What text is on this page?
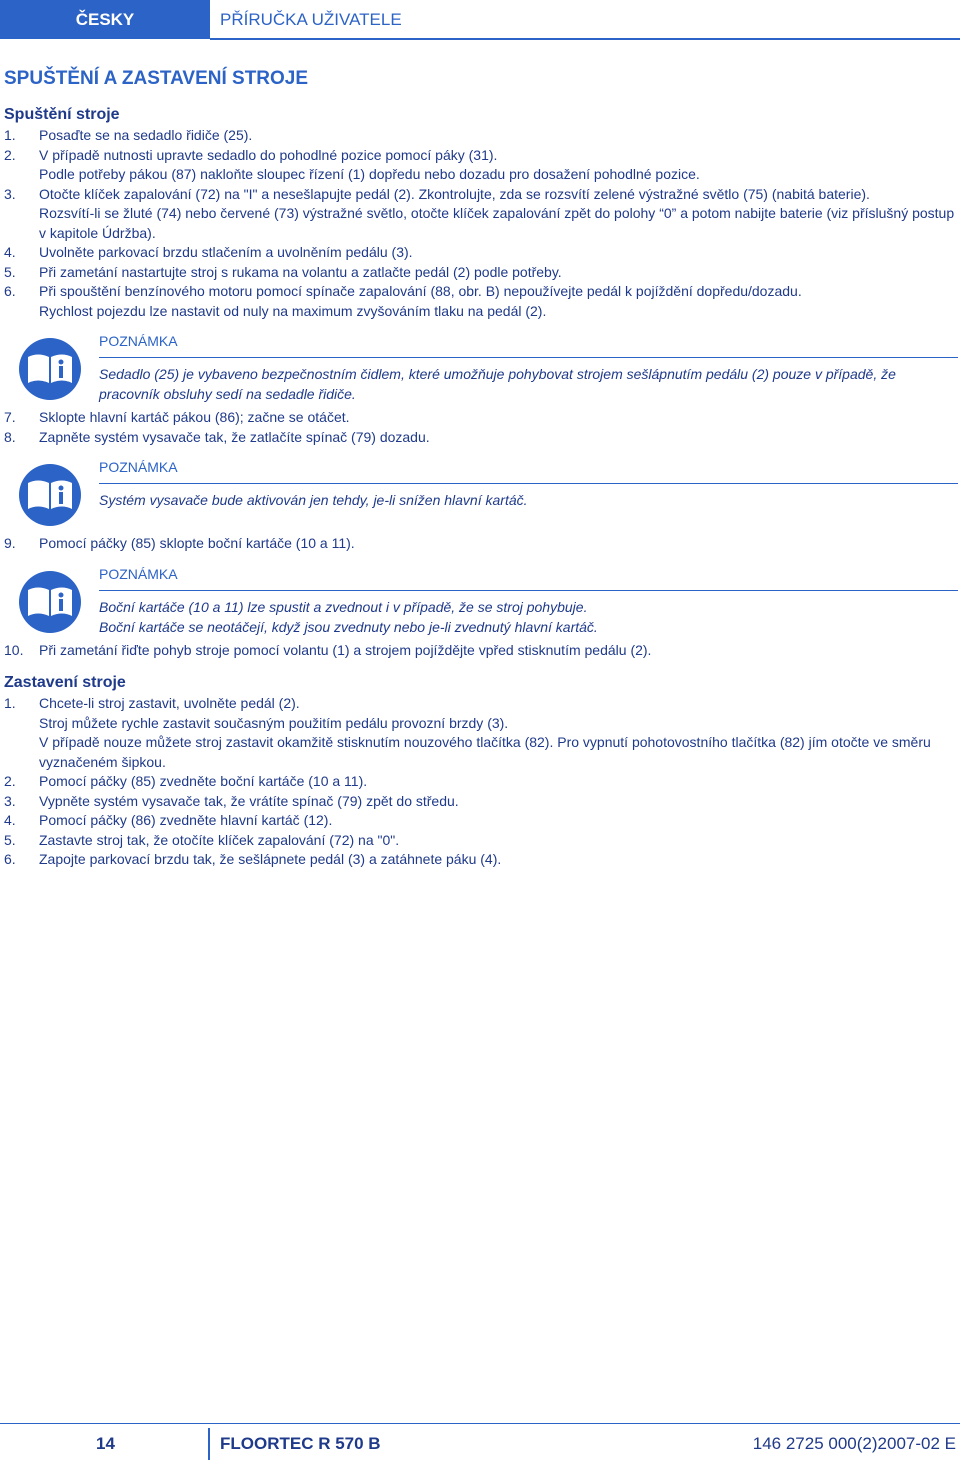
ČESKY	PŘÍRUČKA UŽIVATELE
SPUŠTĚNÍ A ZASTAVENÍ STROJE
Spuštění stroje
1.	Posaďte se na sedadlo řidiče (25).
2.	V případě nutnosti upravte sedadlo do pohodlné pozice pomocí páky (31).
Podle potřeby pákou (87) nakloňte sloupec řízení (1) dopředu nebo dozadu pro dosažení pohodlné pozice.
3.	Otočte klíček zapalování (72) na "I" a nesešlapujte pedál (2). Zkontrolujte, zda se rozsvítí zelené výstražné světlo (75) (nabitá baterie).
Rozsvítí-li se žluté (74) nebo červené (73) výstražné světlo, otočte klíček zapalování zpět do polohy “0” a potom nabijte baterie (viz příslušný postup v kapitole Údržba).
4.	Uvolněte parkovací brzdu stlačením a uvolněním pedálu (3).
5.	Při zametání nastartujte stroj s rukama na volantu a zatlačte pedál (2) podle potřeby.
6.	Při spouštění benzínového motoru pomocí spínače zapalování (88, obr. B) nepoužívejte pedál k pojíždění dopředu/dozadu.
Rychlost pojezdu lze nastavit od nuly na maximum zvyšováním tlaku na pedál (2).
POZNÁMKA
Sedadlo (25) je vybaveno bezpečnostním čidlem, které umožňuje pohybovat strojem sešlápnutím pedálu (2) pouze v případě, že pracovník obsluhy sedí na sedadle řidiče.
7.	Sklopte hlavní kartáč pákou (86); začne se otáčet.
8.	Zapněte systém vysavače tak, že zatlačíte spínač (79) dozadu.
POZNÁMKA
Systém vysavače bude aktivován jen tehdy, je-li snížen hlavní kartáč.
9.	Pomocí páčky (85) sklopte boční kartáče (10 a 11).
POZNÁMKA
Boční kartáče (10 a 11) lze spustit a zvednout i v případě, že se stroj pohybuje.
Boční kartáče se neotáčejí, když jsou zvednuty nebo je-li zvednutý hlavní kartáč.
10.	Při zametání řiďte pohyb stroje pomocí volantu (1) a strojem pojíždějte vpřed stisknutím pedálu (2).
Zastavení stroje
1.	Chcete-li stroj zastavit, uvolněte pedál (2).
Stroj můžete rychle zastavit současným použitím pedálu provozní brzdy (3).
V případě nouze můžete stroj zastavit okamžitě stisknutím nouzového tlačítka (82). Pro vypnutí pohotovostního tlačítka (82) jím otočte ve směru vyznačeném šipkou.
2.	Pomocí páčky (85) zvedněte boční kartáče (10 a 11).
3.	Vypněte systém vysavače tak, že vrátíte spínač (79) zpět do středu.
4.	Pomocí páčky (86) zvedněte hlavní kartáč (12).
5.	Zastavte stroj tak, že otočíte klíček zapalování (72) na "0".
6.	Zapojte parkovací brzdu tak, že sešlápnete pedál (3) a zatáhnete páku (4).
14	FLOORTEC R 570 B	146 2725 000(2)2007-02 E
